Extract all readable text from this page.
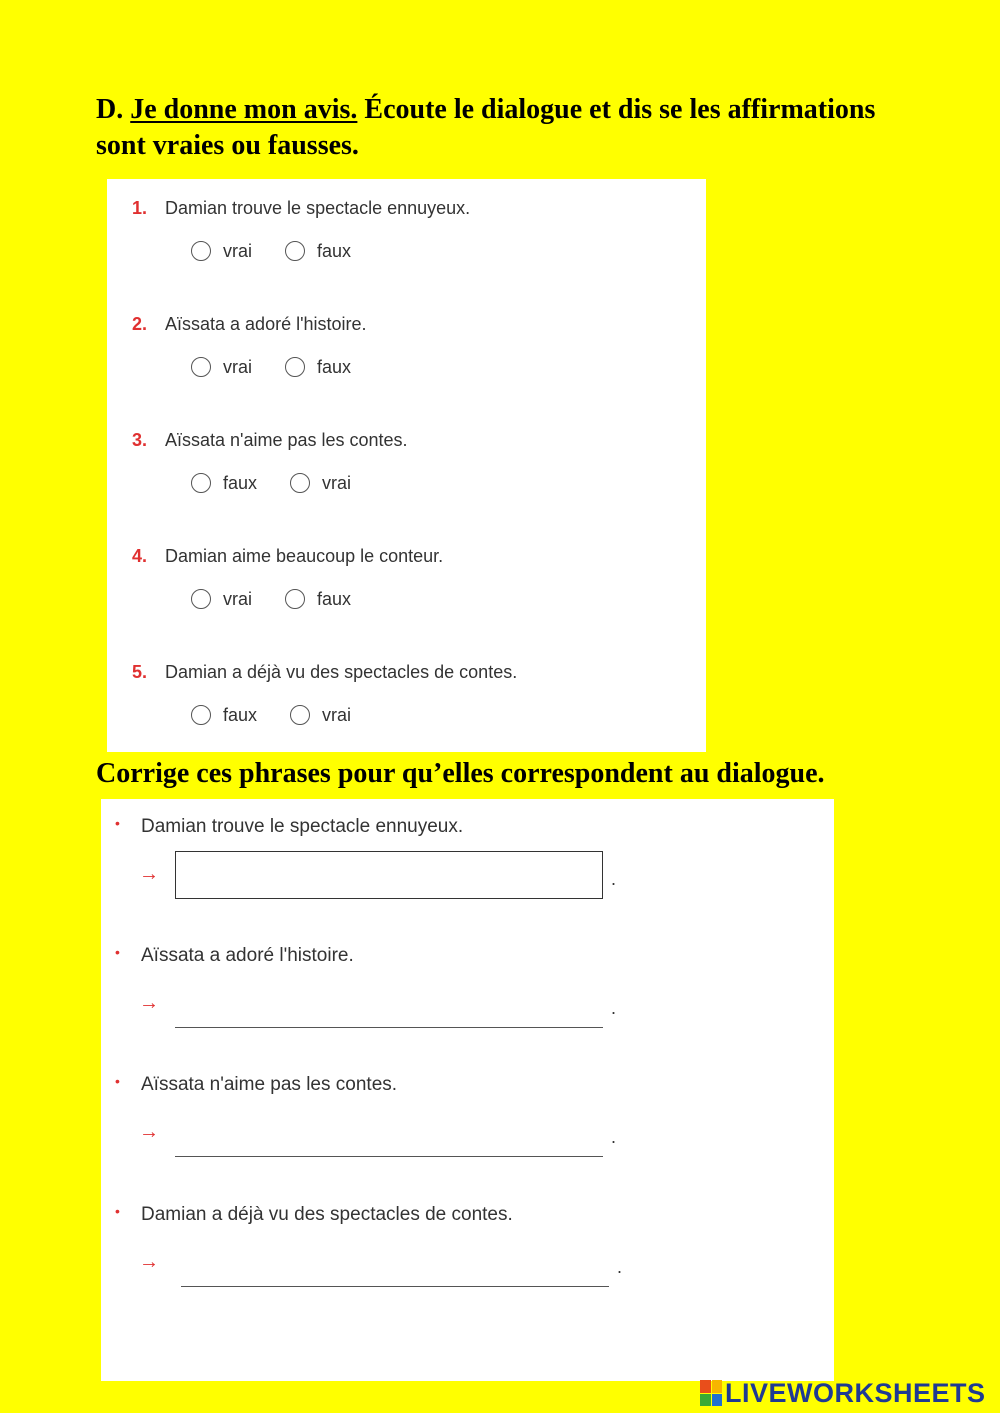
D. Je donne mon avis. Écoute le dialogue et dis se les affirmations sont vraies ou fausses.
1. Damian trouve le spectacle ennuyeux.
vrai	faux
2. Aïssata a adoré l'histoire.
vrai	faux
3. Aïssata n'aime pas les contes.
faux	vrai
4. Damian aime beaucoup le conteur.
vrai	faux
5. Damian a déjà vu des spectacles de contes.
faux	vrai
Corrige ces phrases pour qu’elles correspondent au dialogue.
• Damian trouve le spectacle ennuyeux.
→	.
• Aïssata a adoré l'histoire.
→	.
• Aïssata n'aime pas les contes.
→	.
• Damian a déjà vu des spectacles de contes.
→	.
LIVEWORKSHEETS
